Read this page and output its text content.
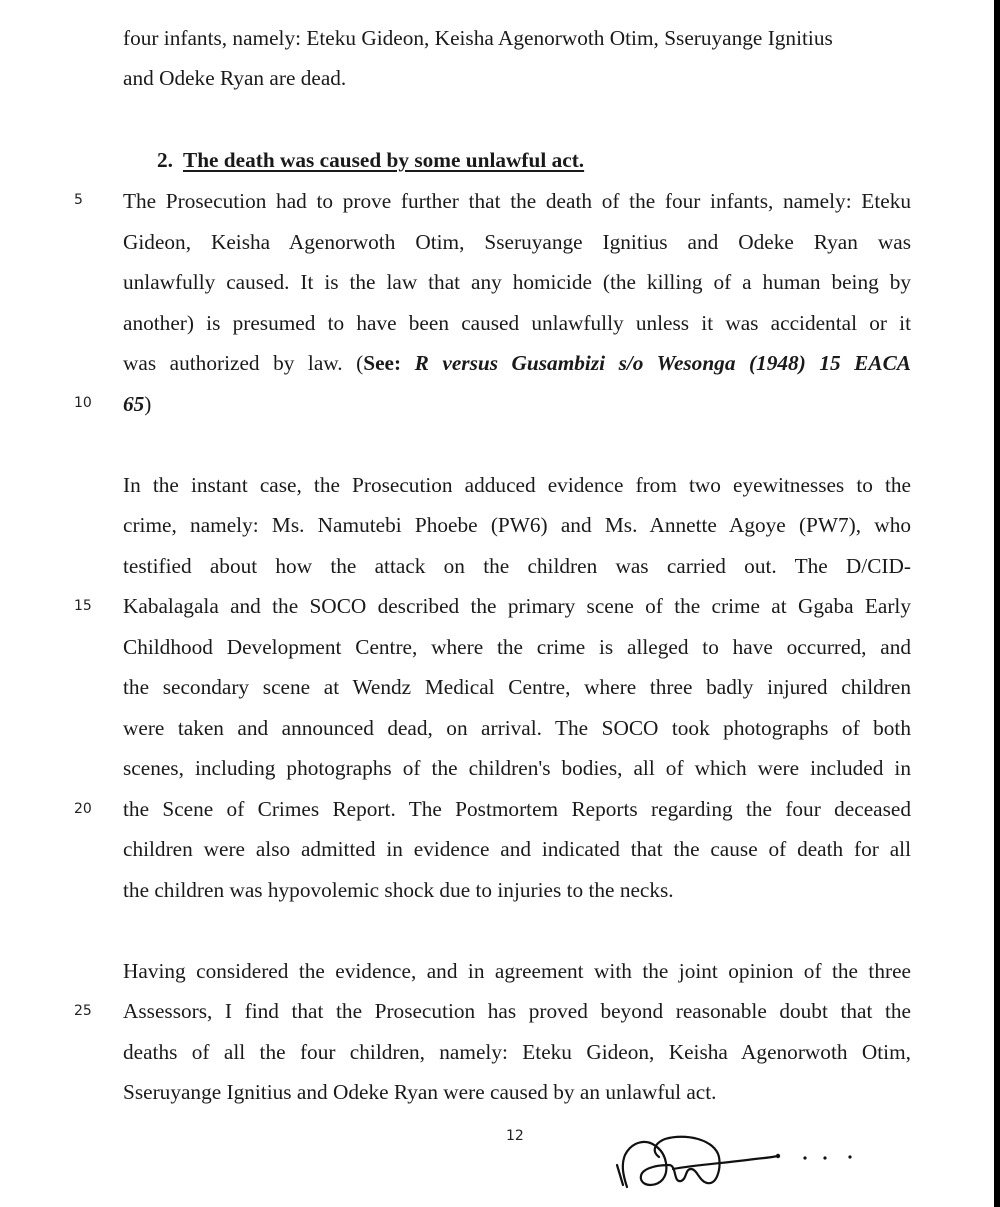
5
10
15
20
25
four infants, namely: Eteku Gideon, Keisha Agenorwoth Otim, Sseruyange Ignitius
and Odeke Ryan are dead.
2. The death was caused by some unlawful act.
The Prosecution had to prove further that the death of the four infants, namely: Eteku
Gideon, Keisha Agenorwoth Otim, Sseruyange Ignitius and Odeke Ryan was
unlawfully caused. It is the law that any homicide (the killing of a human being by
another) is presumed to have been caused unlawfully unless it was accidental or it
was authorized by law. (See: R versus Gusambizi s/o Wesonga (1948) 15 EACA
65)
In the instant case, the Prosecution adduced evidence from two eyewitnesses to the
crime, namely: Ms. Namutebi Phoebe (PW6) and Ms. Annette Agoye (PW7), who
testified about how the attack on the children was carried out. The D/CID-
Kabalagala and the SOCO described the primary scene of the crime at Ggaba Early
Childhood Development Centre, where the crime is alleged to have occurred, and
the secondary scene at Wendz Medical Centre, where three badly injured children
were taken and announced dead, on arrival. The SOCO took photographs of both
scenes, including photographs of the children's bodies, all of which were included in
the Scene of Crimes Report. The Postmortem Reports regarding the four deceased
children were also admitted in evidence and indicated that the cause of death for all
the children was hypovolemic shock due to injuries to the necks.
Having considered the evidence, and in agreement with the joint opinion of the three
Assessors, I find that the Prosecution has proved beyond reasonable doubt that the
deaths of all the four children, namely: Eteku Gideon, Keisha Agenorwoth Otim,
Sseruyange Ignitius and Odeke Ryan were caused by an unlawful act.
12
